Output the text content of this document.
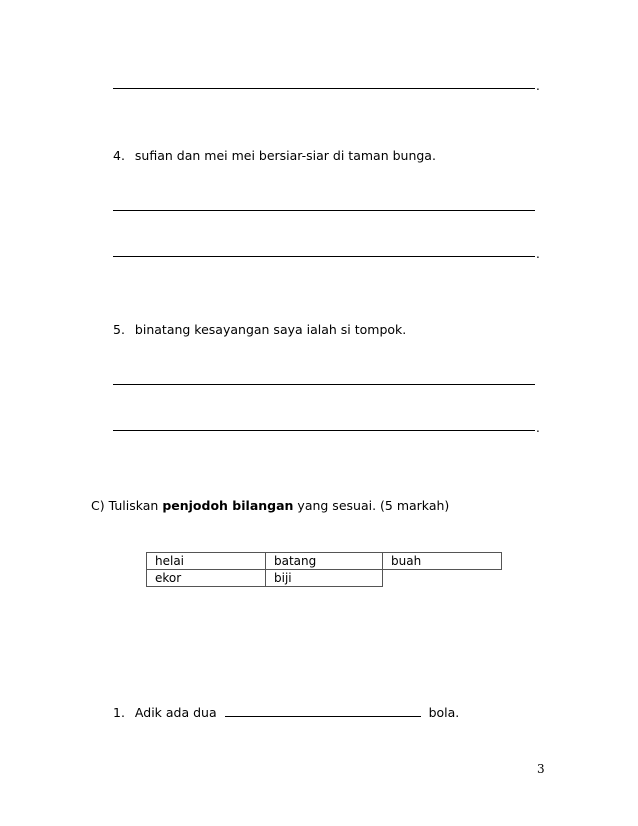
.
4. sufian dan mei mei bersiar-siar di taman bunga.
.
5. binatang kesayangan saya ialah si tompok.
.
C) Tuliskan penjodoh bilangan yang sesuai. (5 markah)
helai	batang	buah
ekor	biji	
1. Adik ada dua	bola.
3
